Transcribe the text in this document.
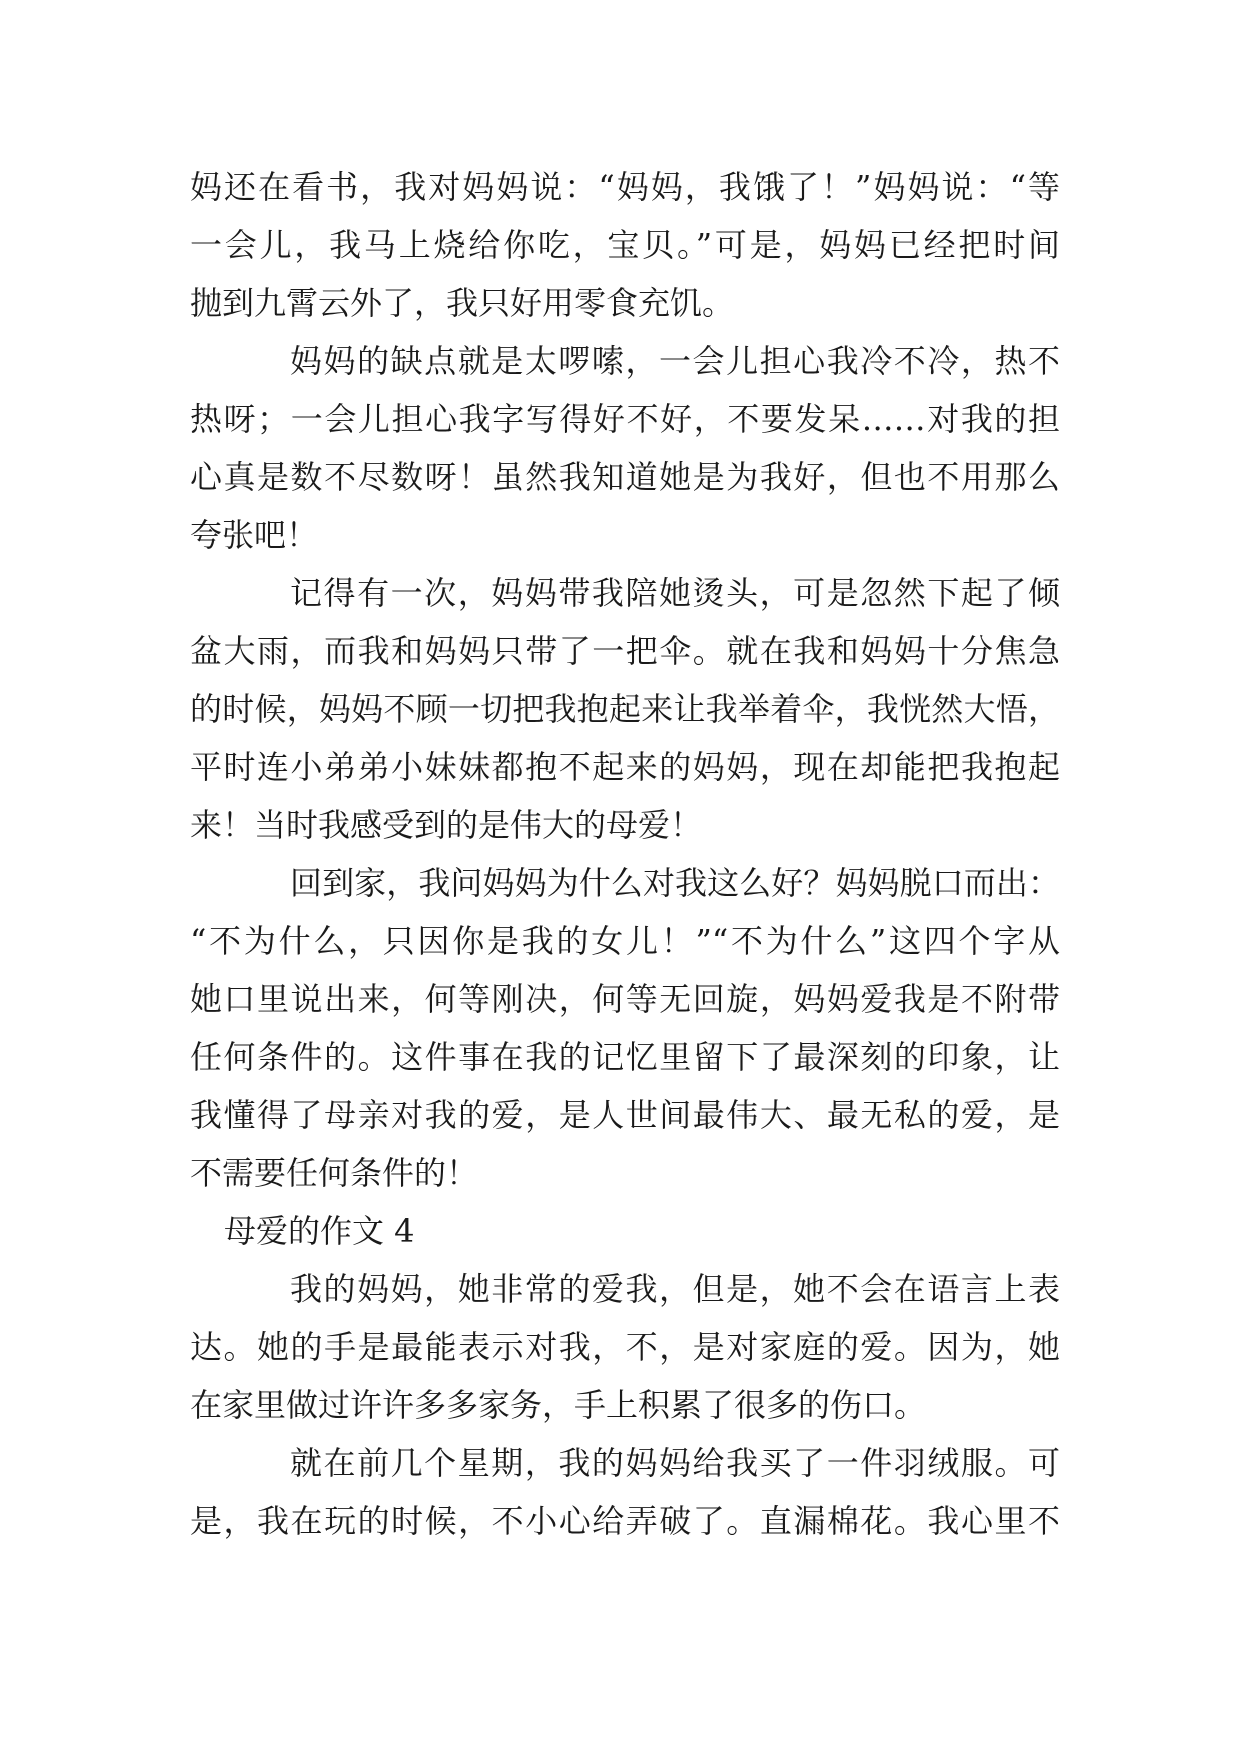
妈还在看书，我对妈妈说：“妈妈，我饿了！”妈妈说：“等
一会儿，我马上烧给你吃，宝贝。”可是，妈妈已经把时间
抛到九霄云外了，我只好用零食充饥。
妈妈的缺点就是太啰嗦，一会儿担心我冷不冷，热不
热呀；一会儿担心我字写得好不好，不要发呆……对我的担
心真是数不尽数呀！虽然我知道她是为我好，但也不用那么
夸张吧！
记得有一次，妈妈带我陪她烫头，可是忽然下起了倾
盆大雨，而我和妈妈只带了一把伞。就在我和妈妈十分焦急
的时候，妈妈不顾一切把我抱起来让我举着伞，我恍然大悟，
平时连小弟弟小妹妹都抱不起来的妈妈，现在却能把我抱起
来！当时我感受到的是伟大的母爱！
回到家，我问妈妈为什么对我这么好？妈妈脱口而出：
“不为什么，只因你是我的女儿！”“不为什么”这四个字从
她口里说出来，何等刚决，何等无回旋，妈妈爱我是不附带
任何条件的。这件事在我的记忆里留下了最深刻的印象，让
我懂得了母亲对我的爱，是人世间最伟大、最无私的爱，是
不需要任何条件的！
母爱的作文 4
我的妈妈，她非常的爱我，但是，她不会在语言上表
达。她的手是最能表示对我，不，是对家庭的爱。因为，她
在家里做过许许多多家务，手上积累了很多的伤口。
就在前几个星期，我的妈妈给我买了一件羽绒服。可
是，我在玩的时候，不小心给弄破了。直漏棉花。我心里不
